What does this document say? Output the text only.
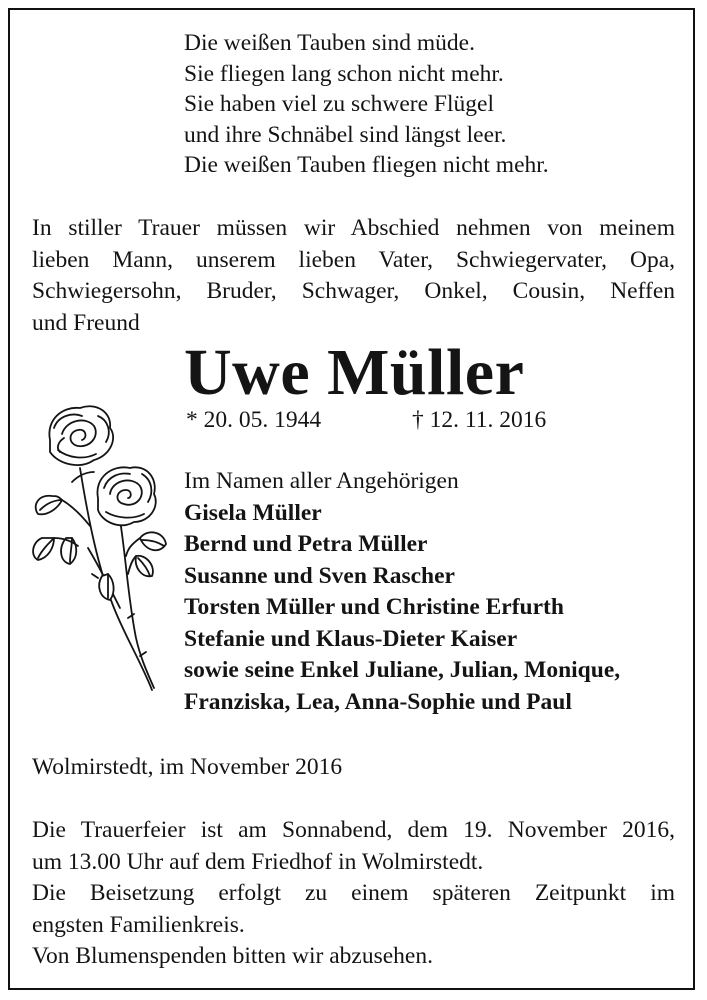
Die weißen Tauben sind müde.
Sie fliegen lang schon nicht mehr.
Sie haben viel zu schwere Flügel
und ihre Schnäbel sind längst leer.
Die weißen Tauben fliegen nicht mehr.
In stiller Trauer müssen wir Abschied nehmen von meinem
lieben Mann, unserem lieben Vater, Schwiegervater, Opa,
Schwiegersohn, Bruder, Schwager, Onkel, Cousin, Neffen
und Freund
Uwe Müller
* 20. 05. 1944	† 12. 11. 2016
Im Namen aller Angehörigen
Gisela Müller
Bernd und Petra Müller
Susanne und Sven Rascher
Torsten Müller und Christine Erfurth
Stefanie und Klaus-Dieter Kaiser
sowie seine Enkel Juliane, Julian, Monique,
Franziska, Lea, Anna-Sophie und Paul
Wolmirstedt, im November 2016
Die Trauerfeier ist am Sonnabend, dem 19. November 2016,
um 13.00 Uhr auf dem Friedhof in Wolmirstedt.
Die Beisetzung erfolgt zu einem späteren Zeitpunkt im
engsten Familienkreis.
Von Blumenspenden bitten wir abzusehen.
